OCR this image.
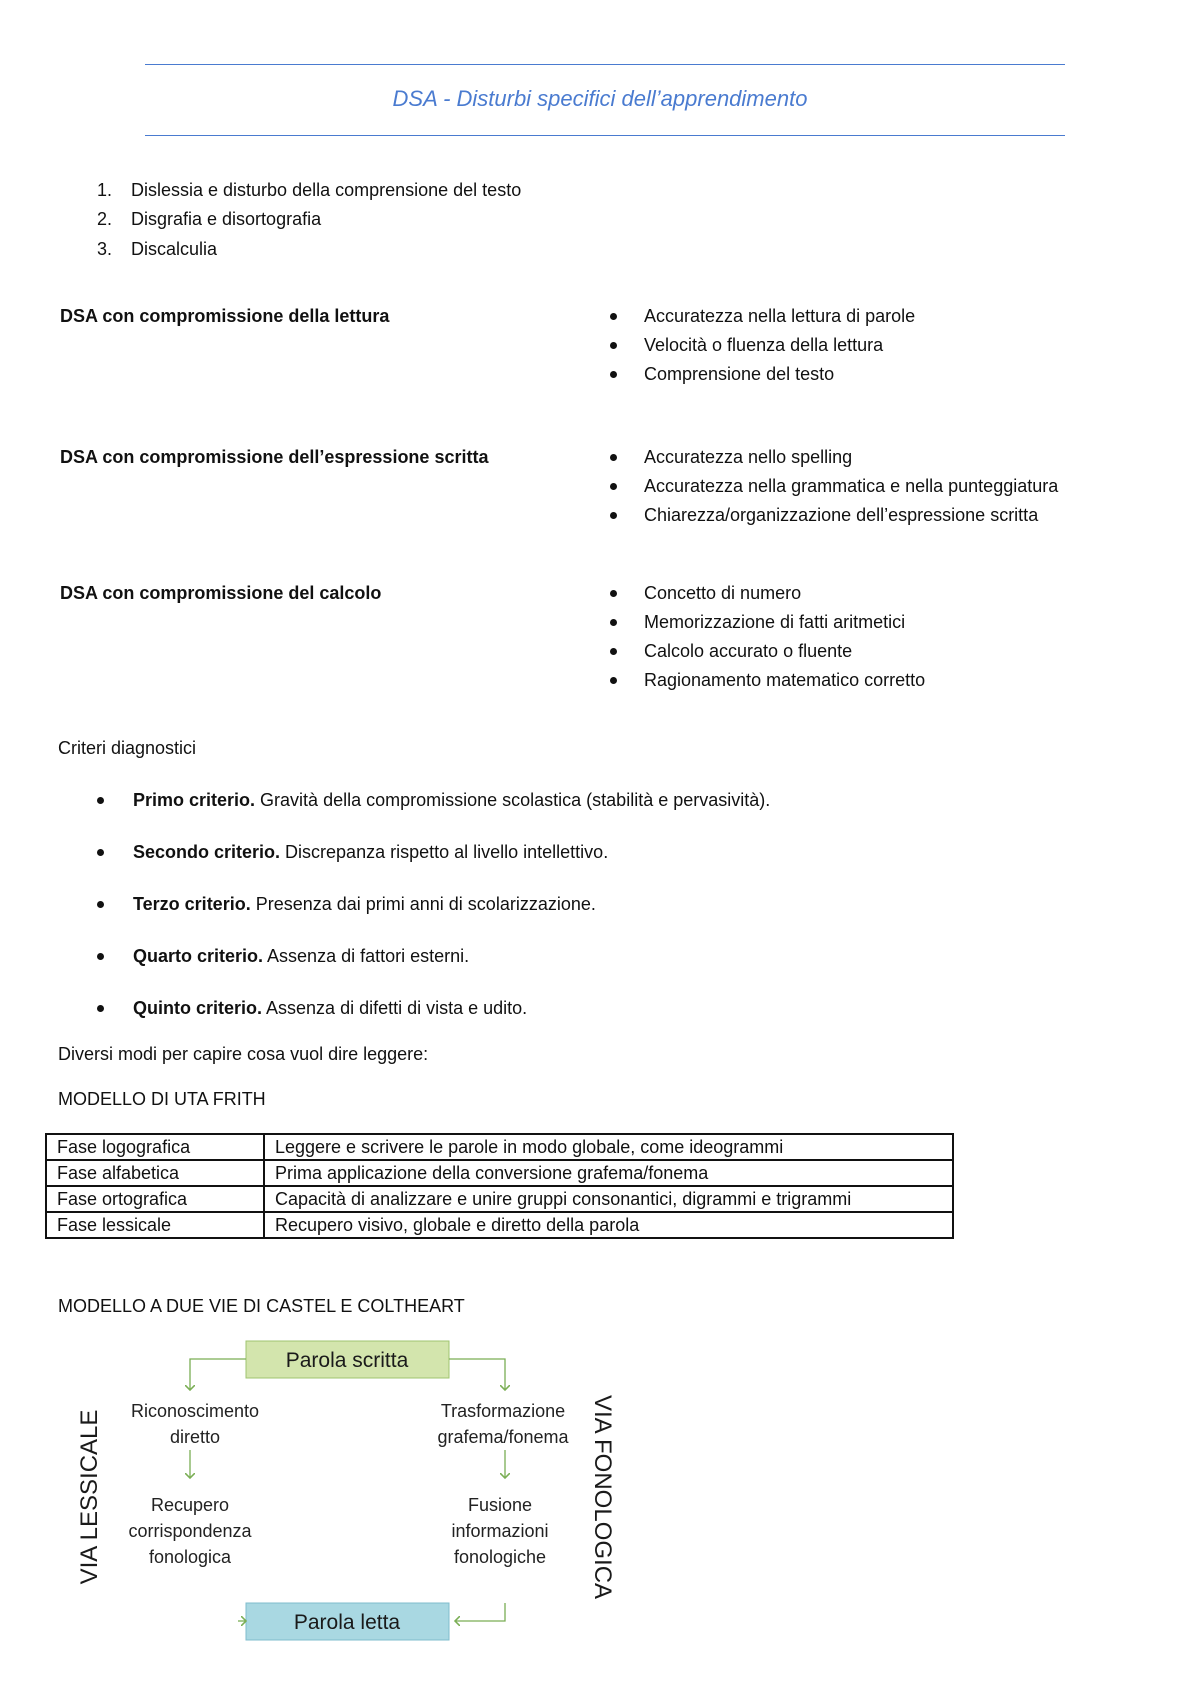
DSA - Disturbi specifici dell’apprendimento
1. Dislessia e disturbo della comprensione del testo
2. Disgrafia e disortografia
3. Discalculia
DSA con compromissione della lettura	Accuratezza nella lettura di parole
Velocità o fluenza della lettura
Comprensione del testo
DSA con compromissione dell’espressione scritta	Accuratezza nello spelling
Accuratezza nella grammatica e nella punteggiatura
Chiarezza/organizzazione dell’espressione scritta
DSA con compromissione del calcolo	Concetto di numero
Memorizzazione di fatti aritmetici
Calcolo accurato o fluente
Ragionamento matematico corretto
Criteri diagnostici
Primo criterio. Gravità della compromissione scolastica (stabilità e pervasività).
Secondo criterio. Discrepanza rispetto al livello intellettivo.
Terzo criterio. Presenza dai primi anni di scolarizzazione.
Quarto criterio. Assenza di fattori esterni.
Quinto criterio. Assenza di difetti di vista e udito.
Diversi modi per capire cosa vuol dire leggere:
MODELLO DI UTA FRITH
Fase logografica	Leggere e scrivere le parole in modo globale, come ideogrammi
Fase alfabetica	Prima applicazione della conversione grafema/fonema
Fase ortografica	Capacità di analizzare e unire gruppi consonantici, digrammi e trigrammi
Fase lessicale	Recupero visivo, globale e diretto della parola
MODELLO A DUE VIE DI CASTEL E COLTHEART
Parola scritta
Parola letta
Riconoscimento
diretto
Recupero
corrispondenza
fonologica
Trasformazione
grafema/fonema
Fusione
informazioni
fonologiche
VIA LESSICALE	VIA FONOLOGICA
